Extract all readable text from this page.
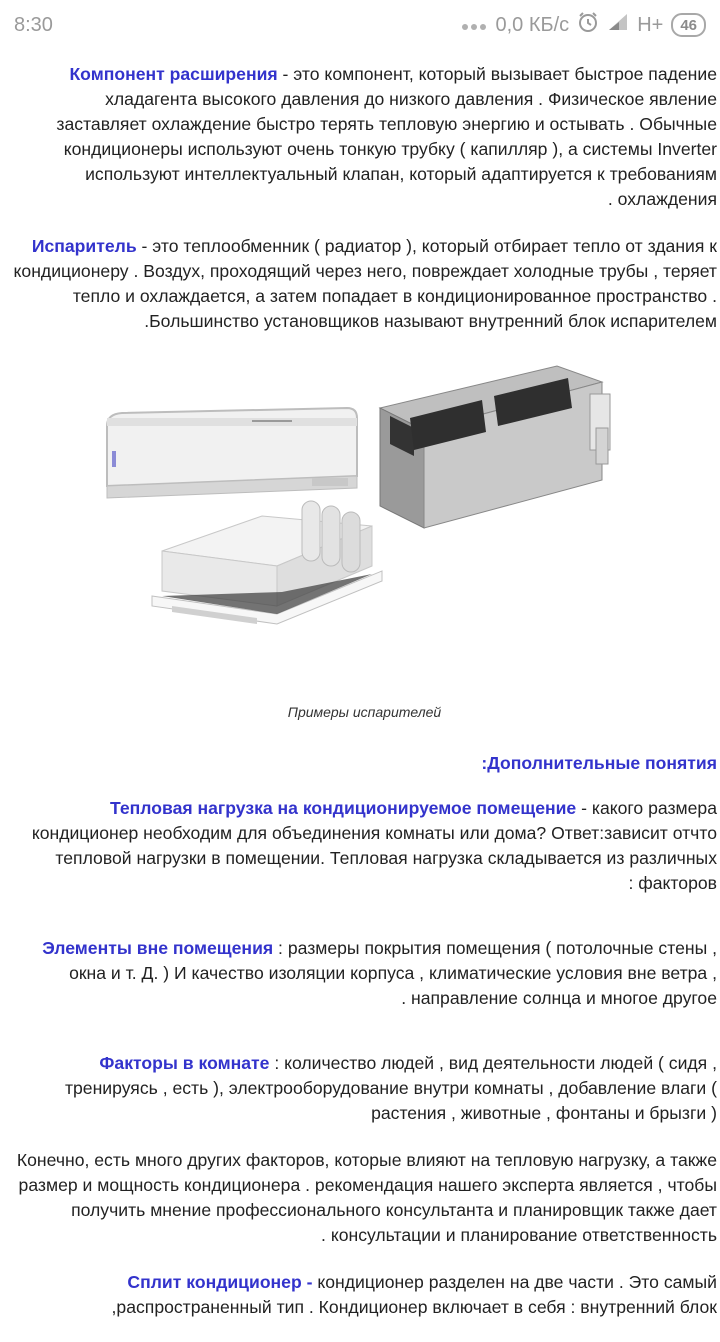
8:30	0,0 КБ/с	H+ 46

Компонент расширения - это компонент, который вызывает быстрое падение хладагента высокого давления до низкого давления . Физическое явление заставляет охлаждение быстро терять тепловую энергию и остывать . Обычные кондиционеры используют очень тонкую трубку ( капилляр ), а системы Inverter используют интеллектуальный клапан, который адаптируется к требованиям охлаждения .

Испаритель - это теплообменник ( радиатор ), который отбирает тепло от здания к кондиционеру . Воздух, проходящий через него, повреждает холодные трубы , теряет тепло и охлаждается, а затем попадает в кондиционированное пространство . Большинство установщиков называют внутренний блок испарителем.

Примеры испарителей

Дополнительные понятия:

Тепловая нагрузка на кондиционируемое помещение - какого размера кондиционер необходим для объединения комнаты или дома? Ответ:зависит отчто тепловой нагрузки в помещении. Тепловая нагрузка складывается из различных факторов :

Элементы вне помещения : размеры покрытия помещения ( потолочные стены , окна и т. Д. ) И качество изоляции корпуса , климатические условия вне ветра , направление солнца и многое другое .

Факторы в комнате : количество людей , вид деятельности людей ( сидя , тренируясь , есть ), электрооборудование внутри комнаты , добавление влаги ( растения , животные , фонтаны и брызги )

Конечно, есть много других факторов, которые влияют на тепловую нагрузку, а также размер и мощность кондиционера . рекомендация нашего эксперта является , чтобы получить мнение профессионального консультанта и планировщик также дает консультации и планирование ответственность .

Сплит кондиционер - кондиционер разделен на две части . Это самый распространенный тип . Кондиционер включает в себя : внутренний блок,
